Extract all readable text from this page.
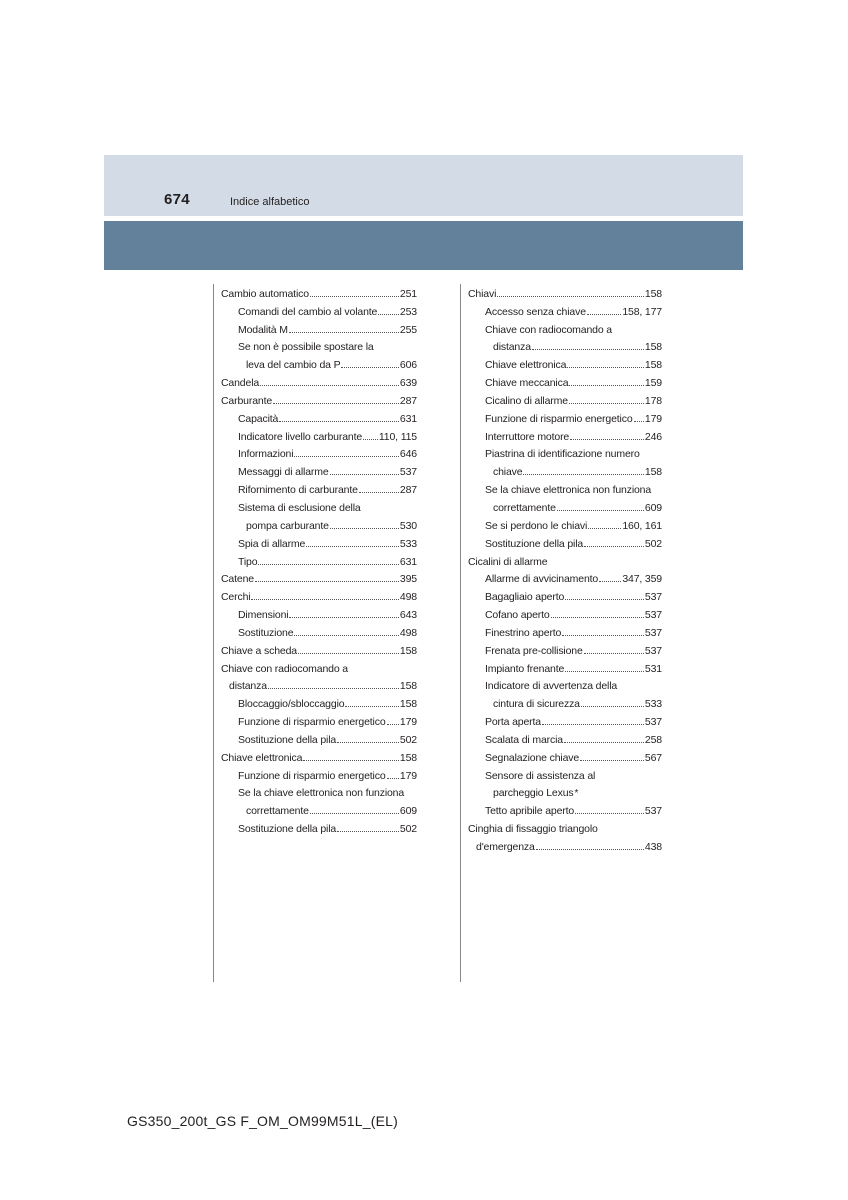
674	Indice alfabetico
Cambio automatico	251
Comandi del cambio al volante 253
Modalità M	255
Se non è possibile spostare la
leva del cambio da P	606
Candela	639
Carburante	287
Capacità	631
Indicatore livello carburante 110, 115
Informazioni	646
Messaggi di allarme	537
Rifornimento di carburante	287
Sistema di esclusione della
pompa carburante	530
Spia di allarme	533
Tipo	631
Catene	395
Cerchi	498
Dimensioni	643
Sostituzione	498
Chiave a scheda	158
Chiave con radiocomando a
distanza	158
Bloccaggio/sbloccaggio	158
Funzione di risparmio energetico 179
Sostituzione della pila	502
Chiave elettronica	158
Funzione di risparmio energetico 179
Se la chiave elettronica non funziona
correttamente	609
Sostituzione della pila	502
Chiavi	158
Accesso senza chiave	158, 177
Chiave con radiocomando a
distanza	158
Chiave elettronica	158
Chiave meccanica	159
Cicalino di allarme	178
Funzione di risparmio energetico 179
Interruttore motore	246
Piastrina di identificazione numero
chiave	158
Se la chiave elettronica non funziona
correttamente	609
Se si perdono le chiavi	160, 161
Sostituzione della pila	502
Cicalini di allarme
Allarme di avvicinamento 347, 359
Bagagliaio aperto	537
Cofano aperto	537
Finestrino aperto	537
Frenata pre-collisione	537
Impianto frenante	531
Indicatore di avvertenza della
cintura di sicurezza	533
Porta aperta	537
Scalata di marcia	258
Segnalazione chiave	567
Sensore di assistenza al
parcheggio Lexus *
Tetto apribile aperto	537
Cinghia di fissaggio triangolo
d'emergenza	438
GS350_200t_GS F_OM_OM99M51L_(EL)
